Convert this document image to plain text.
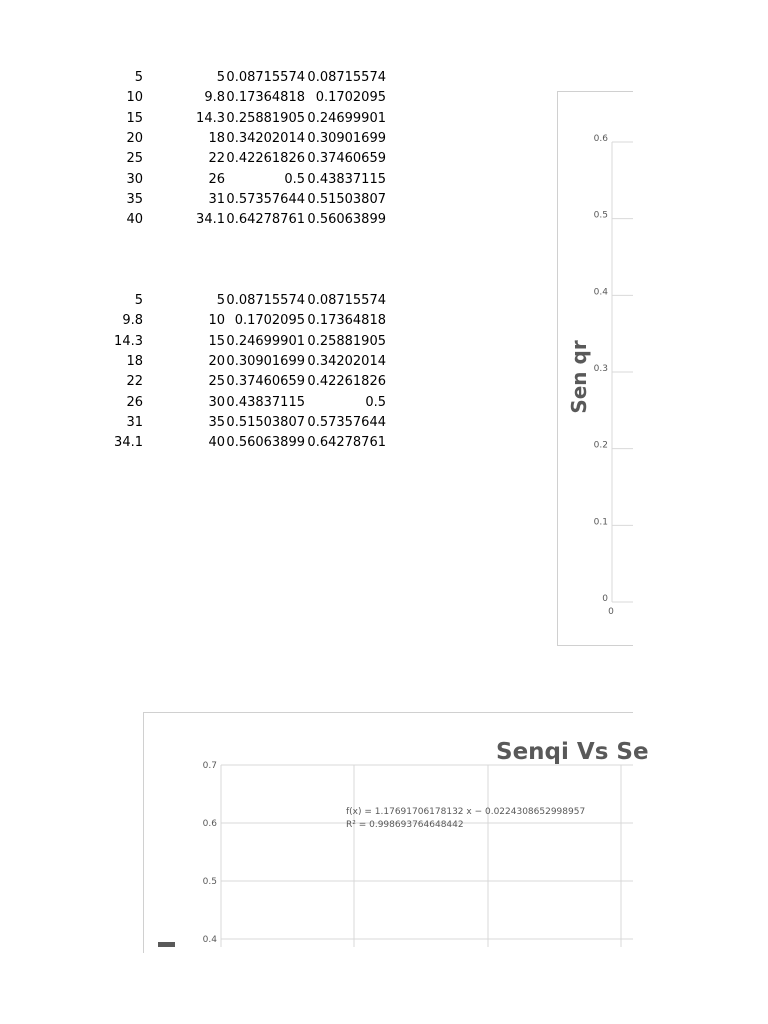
5	5 0.08715574 0.08715574
10	9.8 0.17364818 0.1702095
15	14.3 0.25881905 0.24699901
20	18 0.34202014 0.30901699
25	22 0.42261826 0.37460659
30	26	0.5 0.43837115
35	31 0.57357644 0.51503807
40	34.1 0.64278761 0.56063899
5	5 0.08715574 0.08715574
9.8	10 0.1702095 0.17364818
14.3	15 0.24699901 0.25881905
18	20 0.30901699 0.34202014
22	25 0.37460659 0.42261826
26	30 0.43837115	0.5
31	35 0.51503807 0.57357644
34.1	40 0.56063899 0.64278761
Sen qr
0
0.1
0.2
0.3
0.4
0.5
0.6
0
Senqi Vs Se
0.7
0.6
0.5
0.4
f(x) = 1.17691706178132 x − 0.0224308652998957
R² = 0.998693764648442
